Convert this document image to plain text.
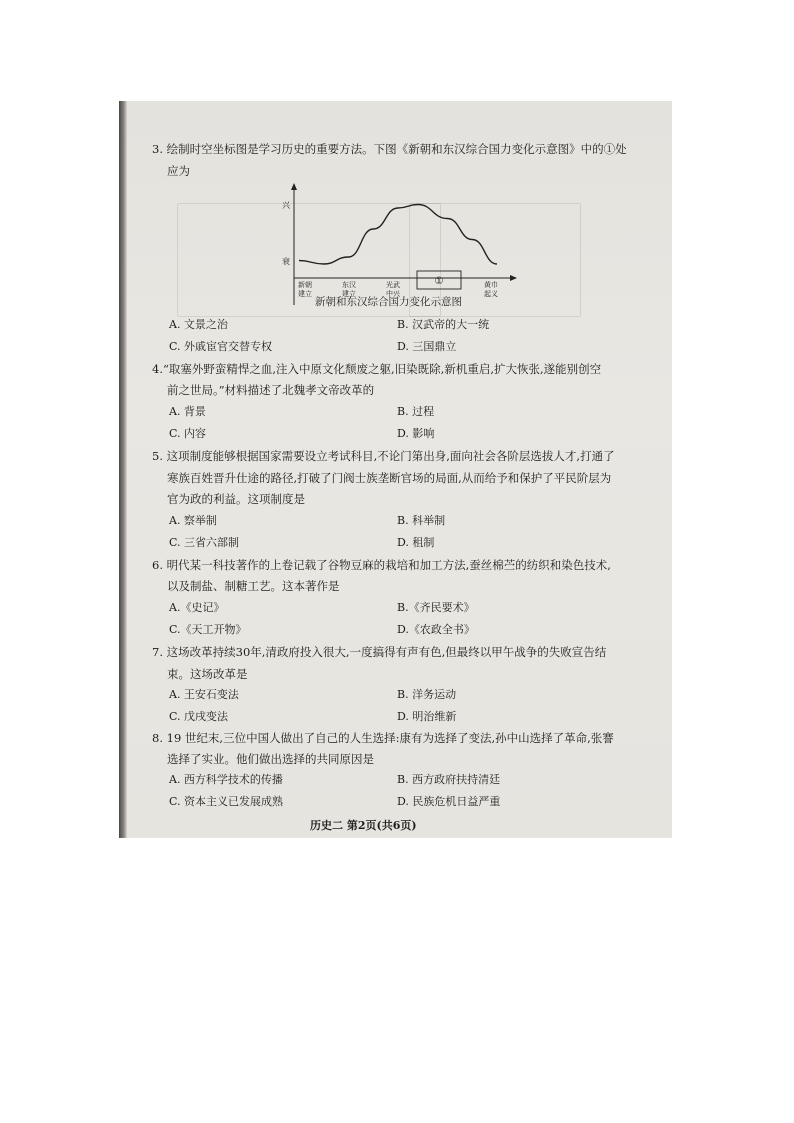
3. 绘制时空坐标图是学习历史的重要方法。下图《新朝和东汉综合国力变化示意图》中的①处
应为
兴
衰
新朝
建立
东汉
建立
光武
中兴
①	黄巾
起义
新朝和东汉综合国力变化示意图
A. 文景之治	B. 汉武帝的大一统
C. 外戚宦官交替专权	D. 三国鼎立
4.“取塞外野蛮精悍之血,注入中原文化颓废之躯,旧染既除,新机重启,扩大恢张,遂能别创空
前之世局。”材料描述了北魏孝文帝改革的
A. 背景	B. 过程
C. 内容	D. 影响
5. 这项制度能够根据国家需要设立考试科目,不论门第出身,面向社会各阶层选拔人才,打通了
寒族百姓晋升仕途的路径,打破了门阀士族垄断官场的局面,从而给予和保护了平民阶层为
官为政的利益。这项制度是
A. 察举制	B. 科举制
C. 三省六部制	D. 租制
6. 明代某一科技著作的上卷记载了谷物豆麻的栽培和加工方法,蚕丝棉苎的纺织和染色技术,
以及制盐、制糖工艺。这本著作是
A.《史记》	B.《齐民要术》
C.《天工开物》	D.《农政全书》
7. 这场改革持续30年,清政府投入很大,一度搞得有声有色,但最终以甲午战争的失败宣告结
束。这场改革是
A. 王安石变法	B. 洋务运动
C. 戊戌变法	D. 明治维新
8. 19 世纪末,三位中国人做出了自己的人生选择:康有为选择了变法,孙中山选择了革命,张謇
选择了实业。他们做出选择的共同原因是
A. 西方科学技术的传播	B. 西方政府扶持清廷
C. 资本主义已发展成熟	D. 民族危机日益严重
历史二 第2页(共6页)
